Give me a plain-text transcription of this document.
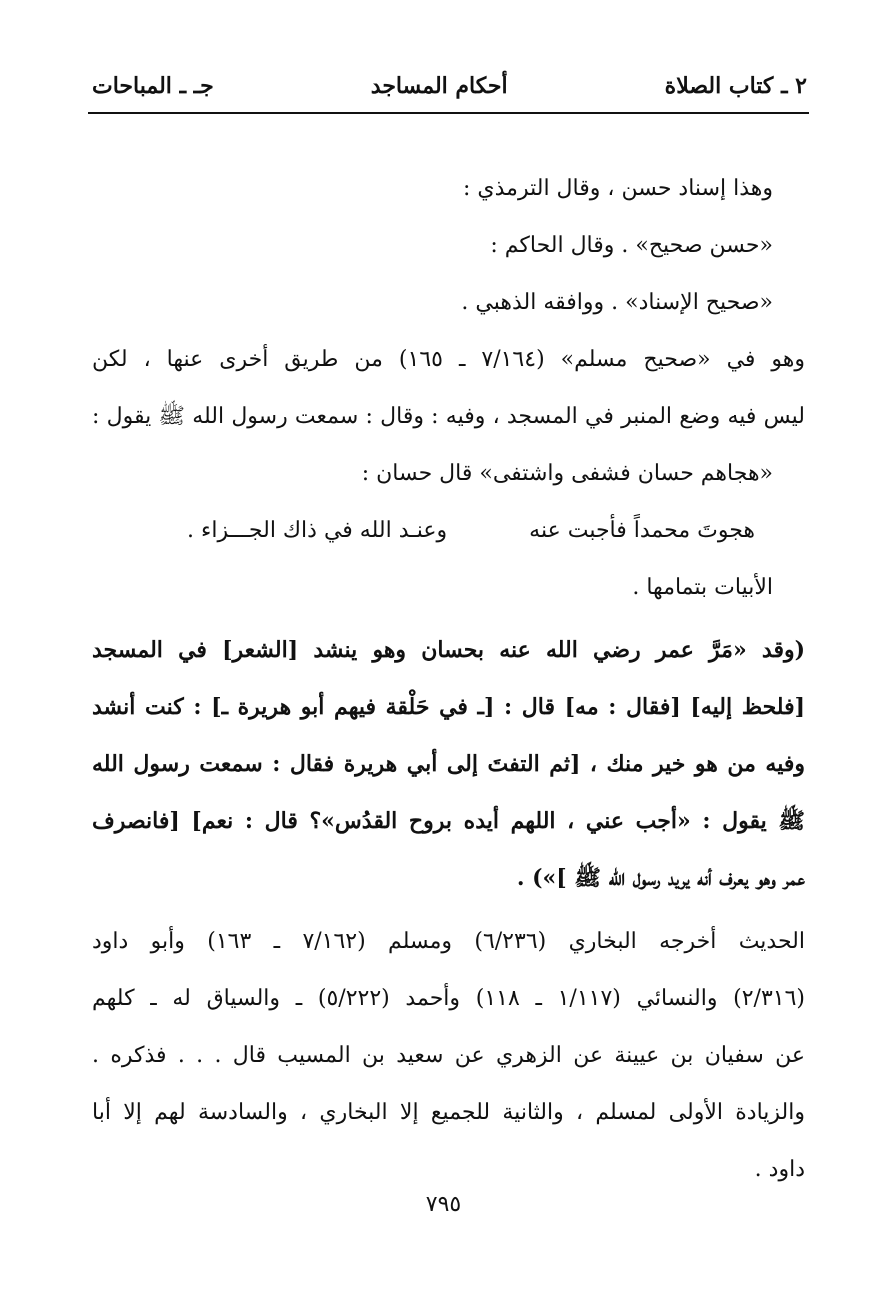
٢ ـ كتاب الصلاة
أحكام المساجد
جـ ـ المباحات
وهذا إسناد حسن ، وقال الترمذي :
«حسن صحيح» . وقال الحاكم :
«صحيح الإسناد» . ووافقه الذهبي .
وهو في «صحيح مسلم» (٧/١٦٤ ـ ١٦٥) من طريق أخرى عنها ، لكن
ليس فيه وضع المنبر في المسجد ، وفيه : وقال : سمعت رسول الله ﷺ يقول :
«هجاهم حسان فشفى واشتفى» قال حسان :
هجوتَ محمداً فأجبت عنه
وعنـد الله في ذاك الجـــزاء .
الأبيات بتمامها .
(وقد «مَرَّ عمر رضي الله عنه بحسان وهو ينشد [الشعر] في المسجد
[فلحظ إليه] [فقال : مه] قال : [ـ في حَلْقة فيهم أبو هريرة ـ] : كنت أنشد
وفيه من هو خير منك ، [ثم التفتَ إلى أبي هريرة فقال : سمعت رسول الله
ﷺ يقول : «أجب عني ، اللهم أيده بروح القدُس»؟ قال : نعم] [فانصرف
عمر وهو يعرف أنه يريد رسول الله ﷺ ]») .
الحديث أخرجه البخاري (٦/٢٣٦) ومسلم (٧/١٦٢ ـ ١٦٣) وأبو داود
(٢/٣١٦) والنسائي (١/١١٧ ـ ١١٨) وأحمد (٥/٢٢٢) ـ والسياق له ـ كلهم
عن سفيان بن عيينة عن الزهري عن سعيد بن المسيب قال . . . فذكره .
والزيادة الأولى لمسلم ، والثانية للجميع إلا البخاري ، والسادسة لهم إلا أبا
داود .
٧٩٥
